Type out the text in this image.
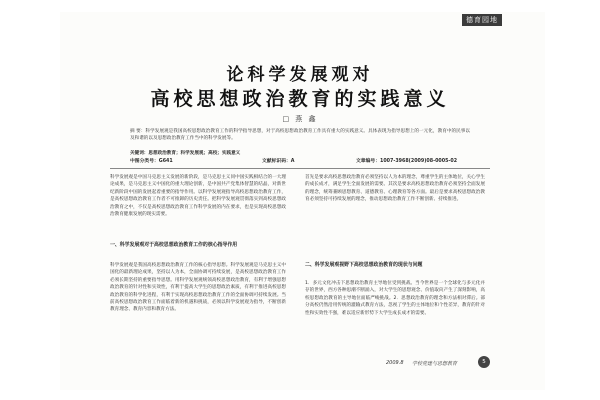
德育园地
论科学发展观对
高校思想政治教育的实践意义
□ 燕 鑫
摘 要：科学发展观是我国高校思想政治教育工作的科学指导思想，对于高校思想政治教育工作具有重大的实践意义。具体表现为指导思想上的一元化，教育中的民事以及和谐的以及思想政治教育工作当中的科学发展等。
关键词：思想政治教育；科学发展观；高校；实践意义
中图分类号：G641	文献标识码：A	文章编号：1007-3968(2009)08-0005-02
科学发展观是中国马克思主义发展的新阶段，是马克思主义同中国实践相结合的一大理论成果，是马克思主义中国化的重大理论创新，是中国共产党集体智慧的结晶，对新世纪新阶段中国的发展起着重要的指导作用。以科学发展观指导高校思想政治教育工作，是高校思想政治教育工作者不可推卸的历史责任。把科学发展观贯彻落实到高校思想政治教育之中，不仅是高校思想政治教育工作科学发展的内在要求，也是实现高校思想政治教育健康发展的现实需要。
一、科学发展观对于高校思想政治教育工作的核心指导作用
科学发展观是我国高校思想政治教育工作的核心指导思想。科学发展观是马克思主义中国化的最新理论成果，坚持以人为本，全面协调可持续发展，是高校思想政治教育工作必须长期坚持的重要指导思想。用科学发展观统领高校思想政治教育，有利于增强思想政治教育的针对性和实效性，有利于提高大学生的思想政治素质，有利于推进高校思想政治教育的科学化进程，有利于实现高校思想政治教育工作的全面协调可持续发展。当前高校思想政治教育工作面临着新的机遇和挑战，必须以科学发展观为指导，不断创新教育理念、教育内容和教育方法。
首先是要求高校思想政治教育必须坚持以人为本的理念，尊重学生的主体地位，关心学生的成长成才，满足学生全面发展的需要。其次是要求高校思想政治教育必须坚持全面发展的理念，统筹兼顾思想教育、道德教育、心理教育等各方面。最后是要求高校思想政治教育必须坚持可持续发展的理念，推动思想政治教育工作不断创新、持续推进。
二、科学发展观视野下高校思想政治教育的现状与问题
1．多元文化冲击下思想政治教育主导地位受到挑战。当今世界是一个全球化与多元化并存的世界，西方各种思潮不断涌入，对大学生的思想观念、价值取向产生了深刻影响，高校思想政治教育的主导地位面临严峻挑战。2．思想政治教育的理念和方法相对滞后。部分高校仍然沿用传统的灌输式教育方法，忽视了学生的主体地位和个性差异，教育的针对性和实效性不强，难以适应新形势下大学生成长成才的需要。
2009.8 学校党建与思想教育	5
